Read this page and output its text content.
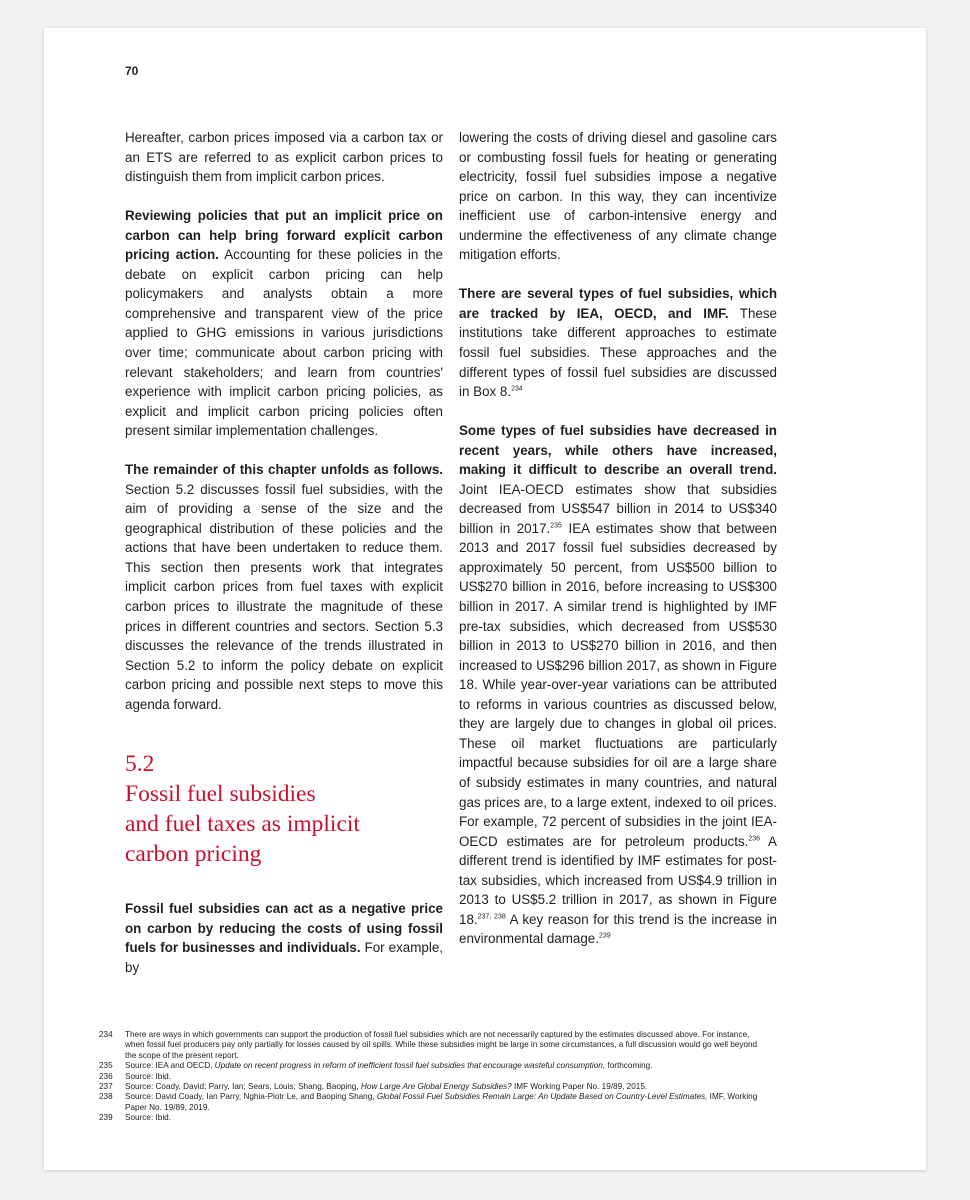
70

Hereafter, carbon prices imposed via a carbon tax or an ETS are referred to as explicit carbon prices to distinguish them from implicit carbon prices.

Reviewing policies that put an implicit price on carbon can help bring forward explicit carbon pricing action. Accounting for these policies in the debate on explicit carbon pricing can help policymakers and analysts obtain a more comprehensive and transparent view of the price applied to GHG emissions in various jurisdictions over time; communicate about carbon pricing with relevant stakeholders; and learn from countries' experience with implicit carbon pricing policies, as explicit and implicit carbon pricing policies often present similar implementation challenges.

The remainder of this chapter unfolds as follows. Section 5.2 discusses fossil fuel subsidies, with the aim of providing a sense of the size and the geographical distribution of these policies and the actions that have been undertaken to reduce them. This section then presents work that integrates implicit carbon prices from fuel taxes with explicit carbon prices to illustrate the magnitude of these prices in different countries and sectors. Section 5.3 discusses the relevance of the trends illustrated in Section 5.2 to inform the policy debate on explicit carbon pricing and possible next steps to move this agenda forward.

5.2
Fossil fuel subsidies
and fuel taxes as implicit
carbon pricing

Fossil fuel subsidies can act as a negative price on carbon by reducing the costs of using fossil fuels for businesses and individuals. For example, by

lowering the costs of driving diesel and gasoline cars or combusting fossil fuels for heating or generating electricity, fossil fuel subsidies impose a negative price on carbon. In this way, they can incentivize inefficient use of carbon-intensive energy and undermine the effectiveness of any climate change mitigation efforts.

There are several types of fuel subsidies, which are tracked by IEA, OECD, and IMF. These institutions take different approaches to estimate fossil fuel subsidies. These approaches and the different types of fossil fuel subsidies are discussed in Box 8.$^{234}$

Some types of fuel subsidies have decreased in recent years, while others have increased, making it difficult to describe an overall trend. Joint IEA-OECD estimates show that subsidies decreased from US$547 billion in 2014 to US$340 billion in 2017.$^{235}$ IEA estimates show that between 2013 and 2017 fossil fuel subsidies decreased by approximately 50 percent, from US$500 billion to US$270 billion in 2016, before increasing to US$300 billion in 2017. A similar trend is highlighted by IMF pre-tax subsidies, which decreased from US$530 billion in 2013 to US$270 billion in 2016, and then increased to US$296 billion 2017, as shown in Figure 18. While year-over-year variations can be attributed to reforms in various countries as discussed below, they are largely due to changes in global oil prices. These oil market fluctuations are particularly impactful because subsidies for oil are a large share of subsidy estimates in many countries, and natural gas prices are, to a large extent, indexed to oil prices. For example, 72 percent of subsidies in the joint IEA-OECD estimates are for petroleum products.$^{236}$ A different trend is identified by IMF estimates for post-tax subsidies, which increased from US$4.9 trillion in 2013 to US$5.2 trillion in 2017, as shown in Figure 18.$^{237, 238}$ A key reason for this trend is the increase in environmental damage.$^{239}$

234	There are ways in which governments can support the production of fossil fuel subsidies which are not necessarily captured by the estimates discussed above. For instance, when fossil fuel producers pay only partially for losses caused by oil spills. While these subsidies might be large in some circumstances, a full discussion would go well beyond the scope of the present report.
235	Source: IEA and OECD, Update on recent progress in reform of inefficient fossil fuel subsidies that encourage wasteful consumption, forthcoming.
236	Source: Ibid.
237	Source: Coady, David; Parry, Ian; Sears, Louis; Shang, Baoping, How Large Are Global Energy Subsidies? IMF Working Paper No. 19/89, 2015.
238	Source: David Coady, Ian Parry, Nghia-Piotr Le, and Baoping Shang, Global Fossil Fuel Subsidies Remain Large: An Update Based on Country-Level Estimates, IMF, Working Paper No. 19/89, 2019.
239	Source: Ibid.
